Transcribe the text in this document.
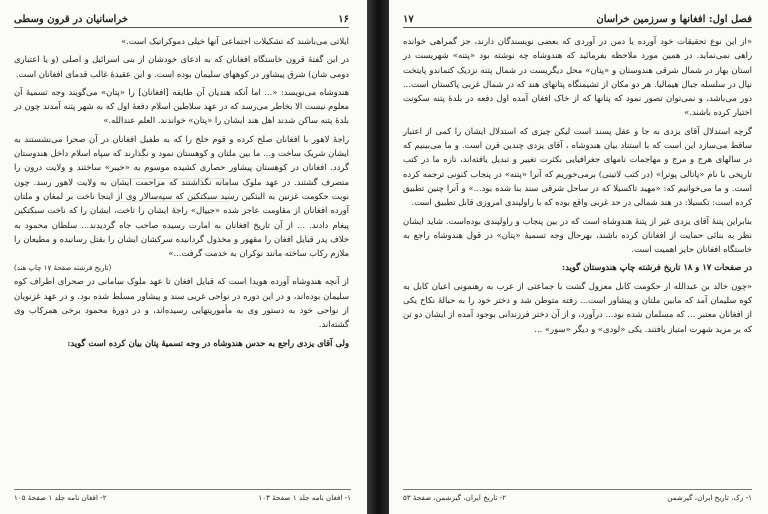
۱۶
خراسانیان در قرون وسطی

ایلاتی می‌باشند که تشکیلات اجتماعی آنها خیلی دموکراتیک است.»

در این گفتهٔ قرون خاستگاه افغانان که به ادعای خودشان از بنی اسرائیل و اصلی (و یا اعتباری دومی شان) شرق پیشاور در کوههای سلیمان بوده است. و این عقیدهٔ غالب قدمای افغانان است.

هندوشاه می‌نویسد: «... اما آنکه هندیان آن طایفه [افغانان] را «پتان» می‌گویند وجه تسمیهٔ آن معلوم نیست الا بخاطر می‌رسد که در عهد سلاطین اسلام دفعهٔ اول که به شهر پتنه آمدند چون در بلدهٔ پتنه ساکن شدند اهل هند ایشان را «پتان» خواندند. العلم عندالله.»

راجهٔ لاهور با افغانان صلح کرده و قوم خلج را که به طفیل افغانان در آن صحرا می‌نشستند به ایشان شریک ساخت و... ما بین ملتان و کوهستان نمود و نگذارند که سپاه اسلام داخل هندوستان گردد. افغانان در کوهستان پیشاور حصاری کشیده موسوم به «خیبر» ساختند و ولایت درون را متصرف گشتند. در عهد ملوک سامانه نگذاشتند که مزاحمت ایشان به ولایت لاهور رسد. چون نوبت حکومت غزنین به البتکین رسید سبکتکین که سپه‌سالار وی از اینجا ناخت بر لمغان و ملتان آورده افغانان از مقاومت عاجز شده «جیپال» راجهٔ ایشان را تاخت، ایشان را که ناخت سبکتکین پیغام دادند. ... از آن تاریخ افغانان به امارت رسیده صاحب جاه گردیدند... سلطان محمود به خلاف پدر قبایل افغان را مقهور و مخذول گردانیده سرکشان ایشان را بقتل رسانیده و مطیعان را ملازم رکاب ساخته مانند نوکران به خدمت گرفت...»

(تاریخ فرشته صفحهٔ ۱۷ چاپ هند)

از آنچه هندوشاه آورده هویدا است که قبایل افغان تا عهد ملوک سامانی در صحرای اطراف کوه سلیمان بوده‌اند، و در این دوره در نواحی غربی سند و پیشاور مسلط شده بود. و در عهد غزنویان از نواحی خود به دستور وی به مأموریتهایی رسیده‌اند، و در دورهٔ محمود برخی همرکاب وی گشته‌اند.

ولی آقای یزدی راجع به حدس هندوشاه در وجه تسمیهٔ پتان بیان کرده است گوید:

۱- افغان نامه جلد ۱ صفحهٔ ۱۰۳
۲- افغان نامه جلد ۱ صفحهٔ ۱۰۵
فصل اول: افغانها و سرزمین خراسان
۱۷

«از این نوع تحقیقات خود آورده یا دمن در آوردی که بعضی نویسندگان دارند، جز گمراهی خوانده راهی نمی‌نماید. در همین مورد ملاحظه بفرمائید که هندوشاه چه نوشته بود «پتنه» شهریست در استان بهار در شمال شرقی هندوستان و «پتان» محل دیگریست در شمال پتنه نزدیک کتماندو پایتخت نپال در سلسله جبال هیمالیا. هر دو مکان از تشیمنگاه پتانهای هند که در شمال غربی پاکستان است... دور می‌باشد، و نمی‌توان تصور نمود که پتانها که از خاک افغان آمده اول دفعه در بلدهٔ پتنه سکونت اختیار کرده باشند.»

گرچه استدلال آقای یزدی به جا و عقل پسند است لیکن چیزی که استدلال ایشان را کمی از اعتبار ساقط می‌سازد این است که با استناد بیان هندوشاه ، آقای یزدی چندین قرن است. و ما می‌بینیم که در سالهای هرج و مرج و مهاجمات نامهای جغرافیایی بکثرت تغییر و تبدیل یافته‌اند، تازه ما در کتب تاریخی با نام «پاتالی پوترا» (در کتب لاتینی) برمی‌خوریم که آنرا «پتنه» در پنجاب کنونی ترجمه کرده است. و ما می‌خوانیم که: «مهید تاکسیلا که در ساحل شرقی سند بنا شده بود...» و آنرا چنین تطبیق کرده است: تکسیلا: در هند شمالی در حد غربی واقع بوده که با راولپندی امروزی قابل تطبیق است.

بنابراین پتنهٔ آقای یزدی غیر از پتنهٔ هندوشاه است که در بین پنجاب و راولپندی بوده‌است. شاید ایشان نظر به بنائی حمایت از افغانان کرده باشند، بهرحال وجه تسمیهٔ «پتان» در قول هندوشاه راجع به خاستگاه افغانان حایز اهمیت است.

در صفحات ۱۷ و ۱۸ تاریخ فرشته چاپ هندوستان گوید:

«چون خالد بن عبدالله از حکومت کابل معزول گشت با جماعتی از عرب به رهنمونی اعیان کابل به کوه سلیمان آمد که مابین ملتان و پیشاور است... رفته متوطن شد و دختر خود را به حبالهٔ نکاح یکی از افغانان معتبر ... که مسلمان شده بود... درآورد، و از آن دختر فرزندانی بوجود آمده از ایشان دو تن که بر مزید شهرت امتیاز یافتند. یکی «لودی» و دیگر «سور» ...

۱- رک. تاریخ ایران، گیرشمن
۲- تاریخ ایران، گیرشمن، صفحهٔ ۵۳
